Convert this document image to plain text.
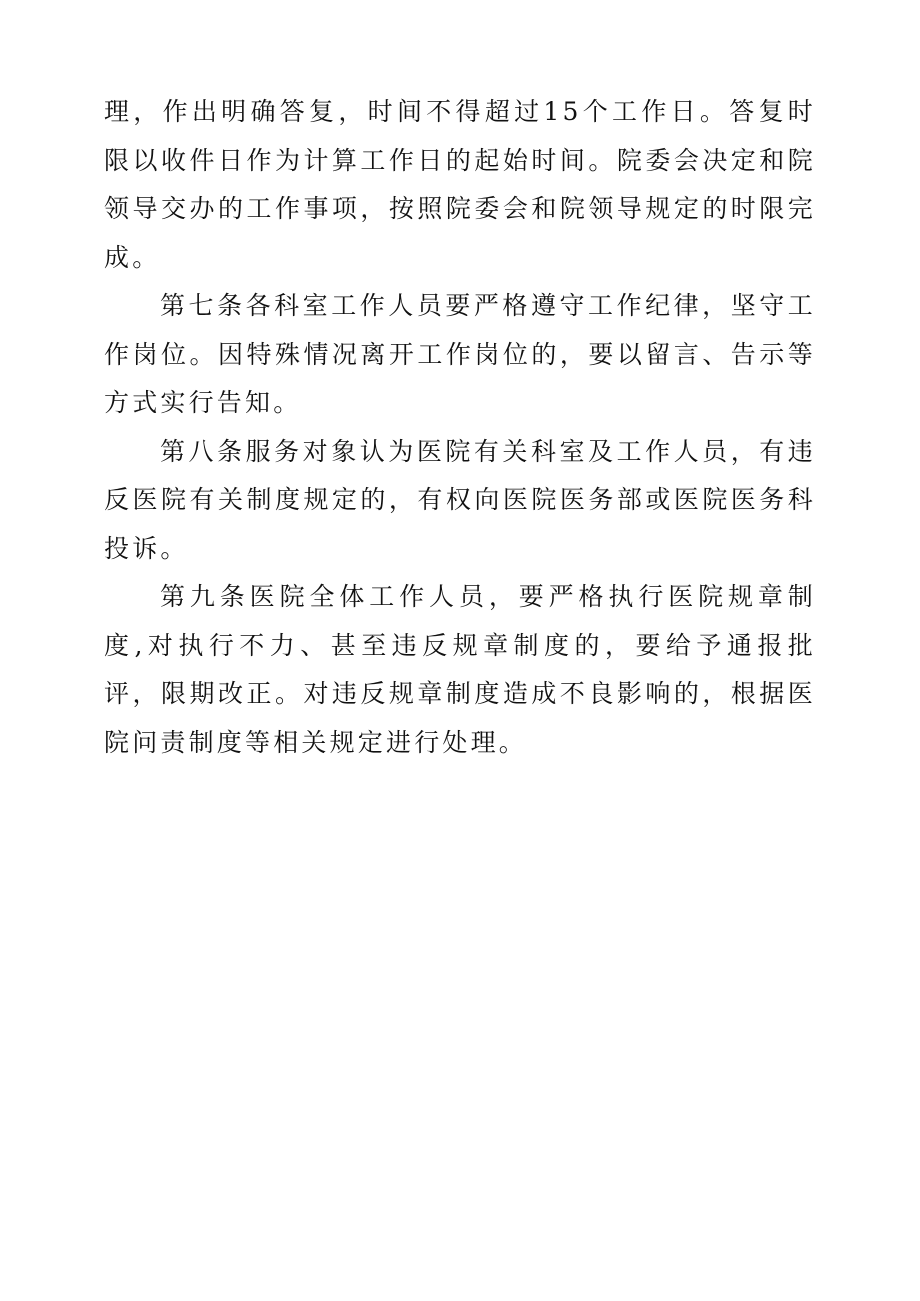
理，作出明确答复，时间不得超过15个工作日。答复时限以收件日作为计算工作日的起始时间。院委会决定和院领导交办的工作事项，按照院委会和院领导规定的时限完成。

第七条各科室工作人员要严格遵守工作纪律，坚守工作岗位。因特殊情况离开工作岗位的，要以留言、告示等方式实行告知。

第八条服务对象认为医院有关科室及工作人员，有违反医院有关制度规定的，有权向医院医务部或医院医务科投诉。

第九条医院全体工作人员，要严格执行医院规章制度,对执行不力、甚至违反规章制度的，要给予通报批评，限期改正。对违反规章制度造成不良影响的，根据医院问责制度等相关规定进行处理。
